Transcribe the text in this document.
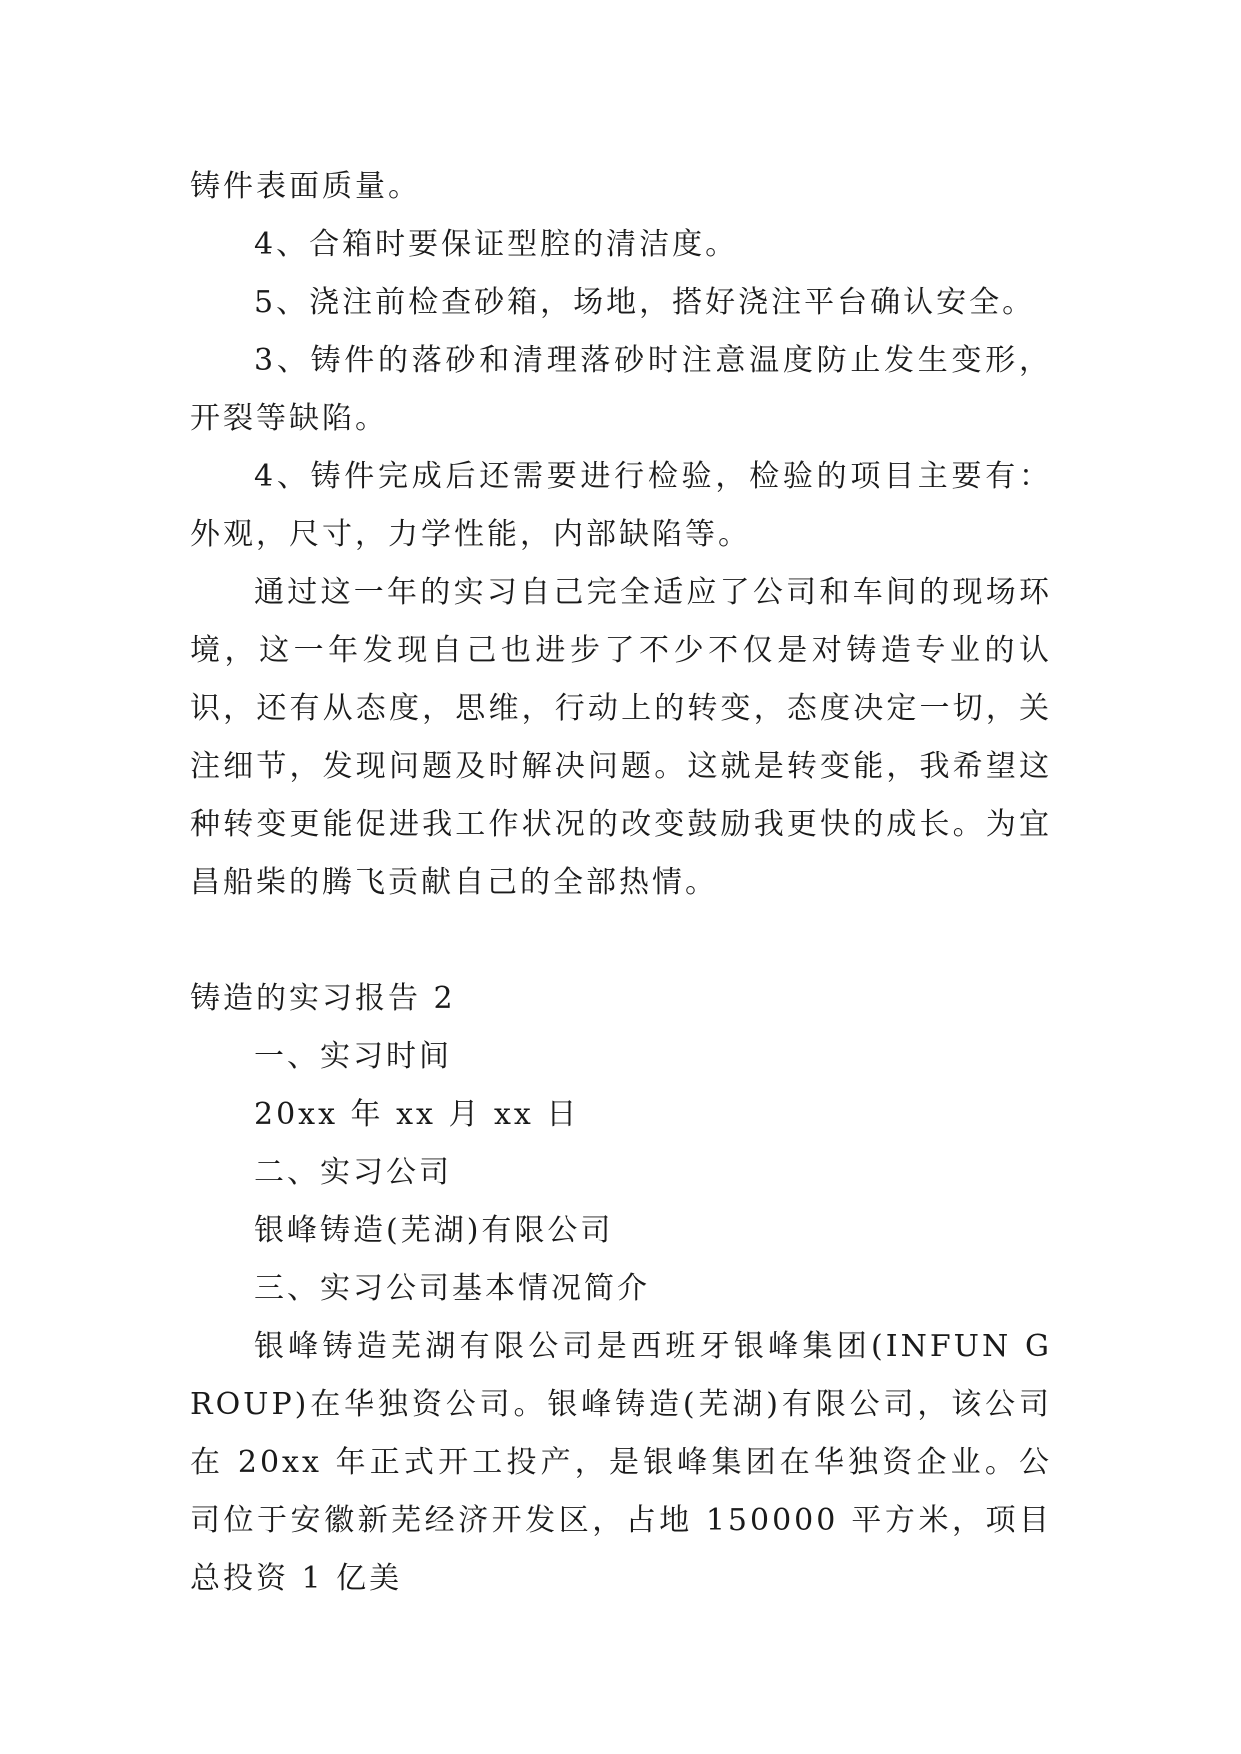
铸件表面质量。

4、合箱时要保证型腔的清洁度。

5、浇注前检查砂箱，场地，搭好浇注平台确认安全。

3、铸件的落砂和清理落砂时注意温度防止发生变形，开裂等缺陷。

4、铸件完成后还需要进行检验，检验的项目主要有：外观，尺寸，力学性能，内部缺陷等。

通过这一年的实习自己完全适应了公司和车间的现场环境，这一年发现自己也进步了不少不仅是对铸造专业的认识，还有从态度，思维，行动上的转变，态度决定一切，关注细节，发现问题及时解决问题。这就是转变能，我希望这种转变更能促进我工作状况的改变鼓励我更快的成长。为宜昌船柴的腾飞贡献自己的全部热情。

铸造的实习报告 2

一、实习时间

20xx 年 xx 月 xx 日

二、实习公司

银峰铸造(芜湖)有限公司

三、实习公司基本情况简介

银峰铸造芜湖有限公司是西班牙银峰集团(INFUN GROUP)在华独资公司。银峰铸造(芜湖)有限公司，该公司在 20xx 年正式开工投产，是银峰集团在华独资企业。公司位于安徽新芜经济开发区，占地 150000 平方米，项目总投资 1 亿美
